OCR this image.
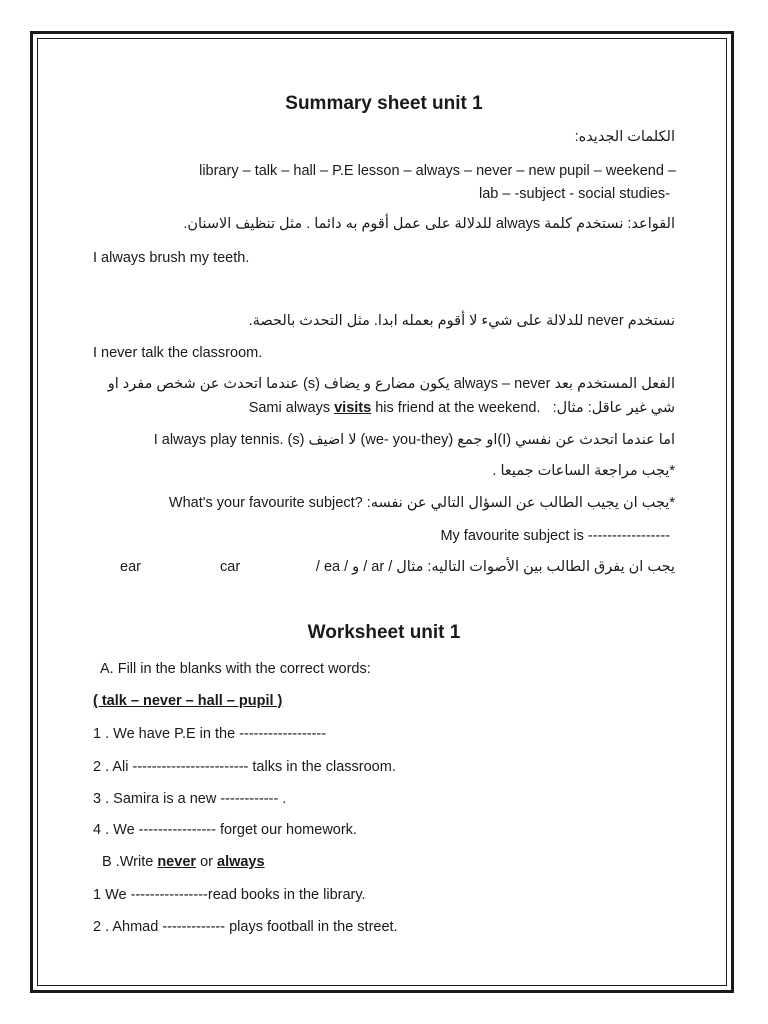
Summary sheet unit 1
الكلمات الجديده:
library – talk – hall – P.E lesson – always – never – new pupil – weekend –
lab – -subject - social studies-
القواعد: نستخدم كلمة always للدلالة على عمل أقوم به دائما . مثل تنظيف الاسنان.
I always brush my teeth.
نستخدم never للدلالة على شيء لا أقوم بعمله ابدا. مثل التحدث بالحصة.
I never talk the classroom.
الفعل المستخدم بعد always – never يكون مضارع و يضاف (s) عندما اتحدث عن شخص مفرد او
Sami always visits his friend at the weekend. شي غير عاقل: مثال:
I always play tennis. اما عندما اتحدث عن نفسي (I)او جمع (we- you-they) لا اضيف (s)
*يجب مراجعة الساعات جميعا .
What's your favourite subject? *يجب ان يجيب الطالب عن السؤال التالي عن نفسه:
My favourite subject is -----------------
ear	car	/ ea / و / ar / مثال يجب ان يفرق الطالب بين الأصوات التاليه:
Worksheet unit 1
A. Fill in the blanks with the correct words:
( talk – never – hall – pupil )
1 . We have P.E in the ------------------
2 . Ali ------------------------ talks in the classroom.
3 . Samira is a new ------------ .
4 . We ---------------- forget our homework.
B .Write never or always
1 We ----------------read books in the library.
2 . Ahmad ------------- plays football in the street.
